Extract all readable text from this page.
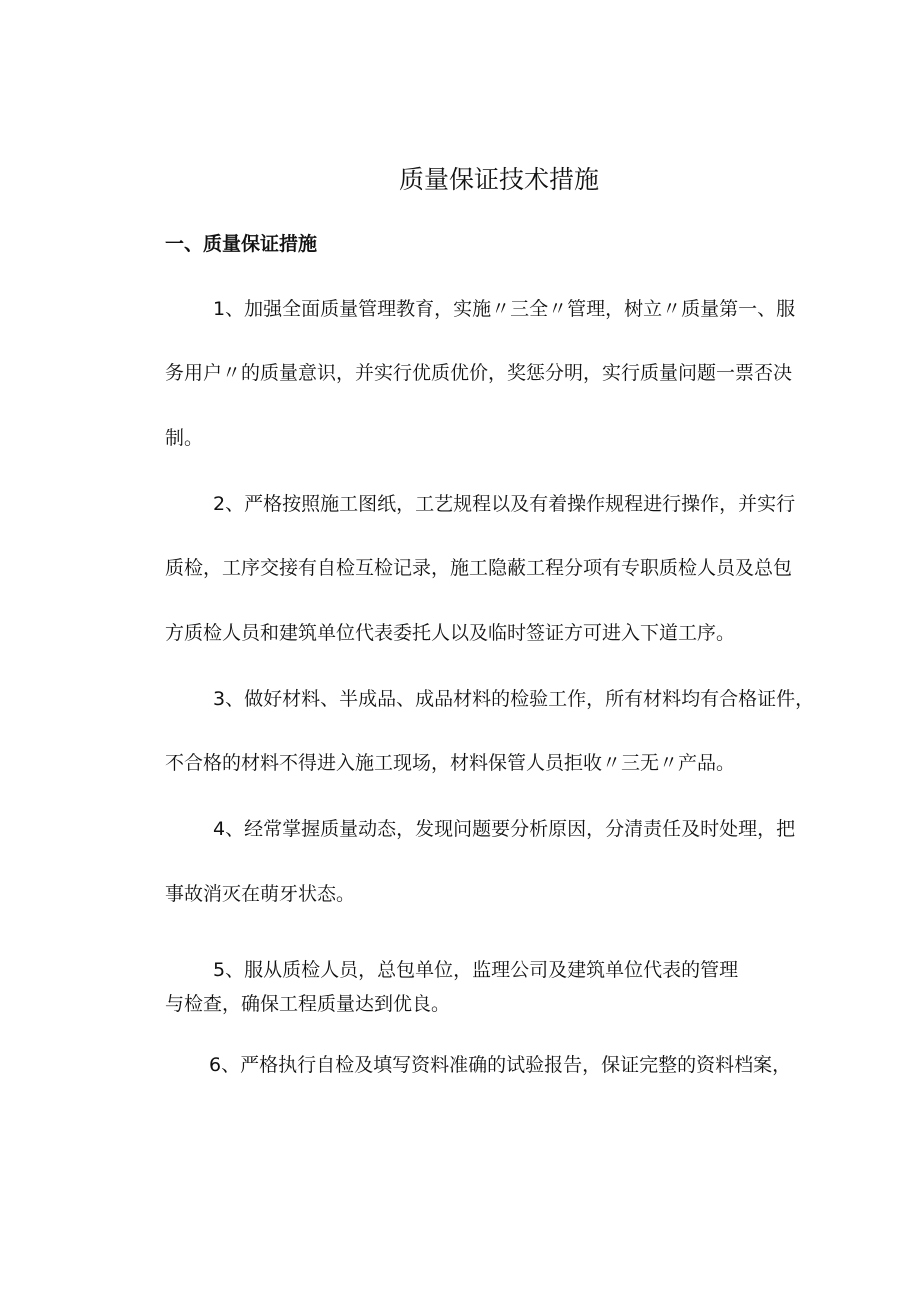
质量保证技术措施
一、质量保证措施
1、加强全面质量管理教育，实施〃三全〃管理，树立〃质量第一、服
务用户〃的质量意识，并实行优质优价，奖惩分明，实行质量问题一票否决
制。
2、严格按照施工图纸，工艺规程以及有着操作规程进行操作，并实行
质检，工序交接有自检互检记录，施工隐蔽工程分项有专职质检人员及总包
方质检人员和建筑单位代表委托人以及临时签证方可进入下道工序。
3、做好材料、半成品、成品材料的检验工作，所有材料均有合格证件，
不合格的材料不得进入施工现场，材料保管人员拒收〃三无〃产品。
4、经常掌握质量动态，发现问题要分析原因，分清责任及时处理，把
事故消灭在萌牙状态。
5、服从质检人员，总包单位，监理公司及建筑单位代表的管理
与检查，确保工程质量达到优良。
6、严格执行自检及填写资料准确的试验报告，保证完整的资料档案，
